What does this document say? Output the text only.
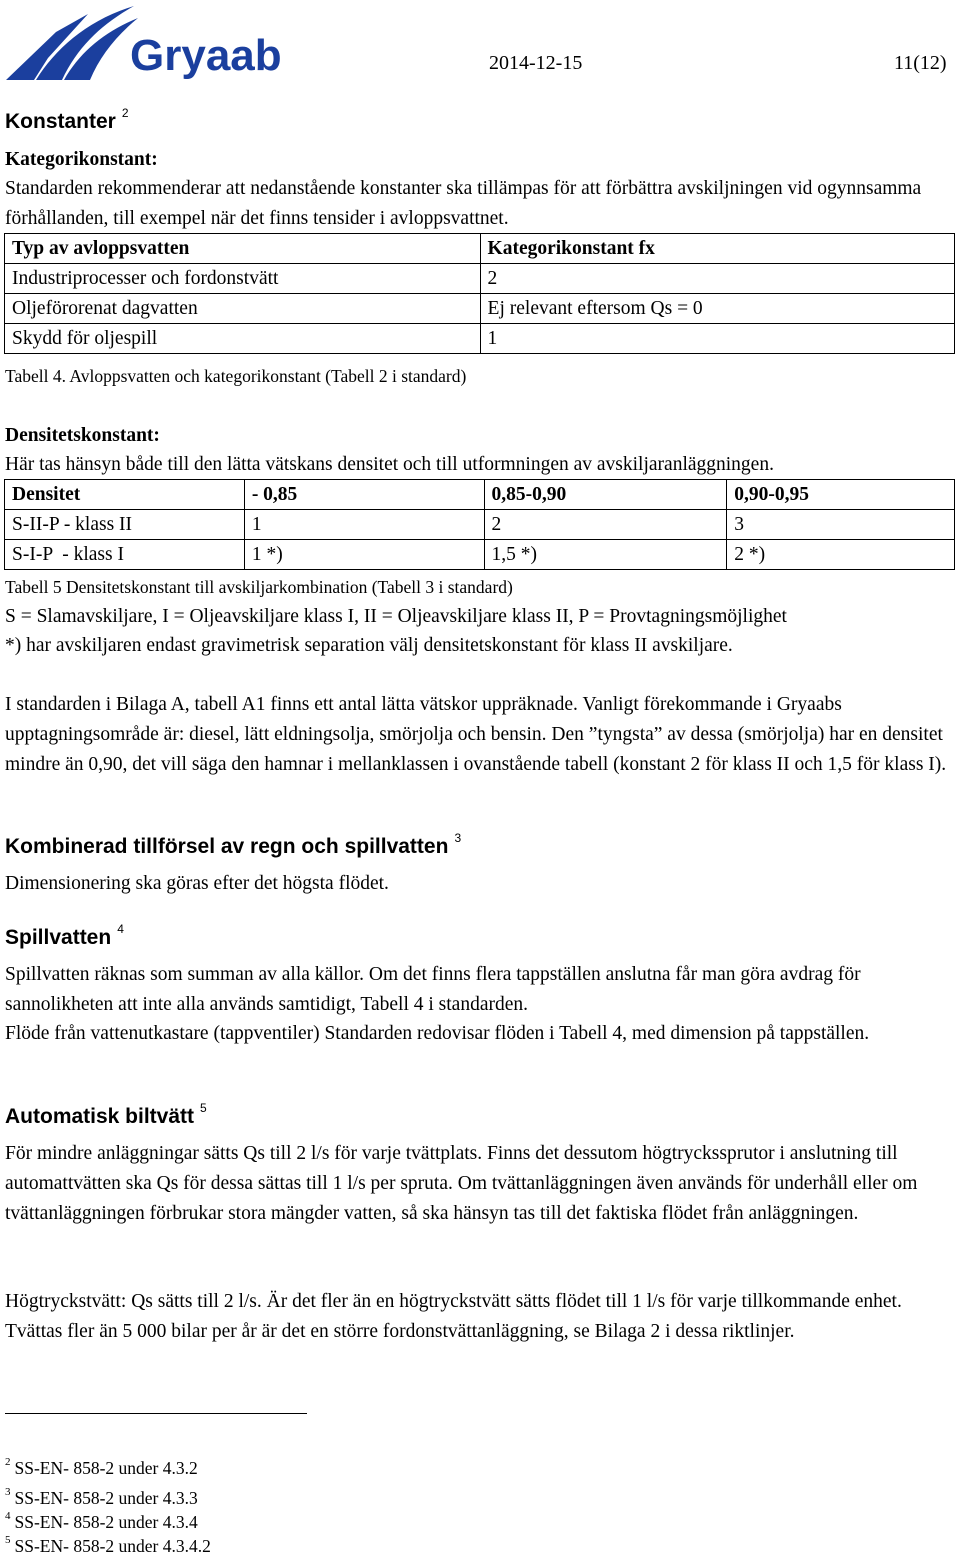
Gryaab	2014-12-15	11(12)
Konstanter $^2$

Kategorikonstant:

Standarden rekommenderar att nedanstående konstanter ska tillämpas för att förbättra avskiljningen vid ogynnsamma förhållanden, till exempel när det finns tensider i avloppsvattnet.

Typ av avloppsvatten	Kategorikonstant fx
Industriprocesser och fordonstvätt	2
Oljeförorenat dagvatten	Ej relevant eftersom Qs = 0
Skydd för oljespill	1
Tabell 4. Avloppsvatten och kategorikonstant (Tabell 2 i standard)

Densitetskonstant:

Här tas hänsyn både till den lätta vätskans densitet och till utformningen av avskiljaranläggningen.

Densitet	- 0,85	0,85-0,90	0,90-0,95
S-II-P - klass II	1	2	3
S-I-P  - klass I	1 *)	1,5 *)	2 *)
Tabell 5 Densitetskonstant till avskiljarkombination (Tabell 3 i standard)

S = Slamavskiljare, I = Oljeavskiljare klass I, II = Oljeavskiljare klass II, P = Provtagningsmöjlighet

*) har avskiljaren endast gravimetrisk separation välj densitetskonstant för klass II avskiljare.

I standarden i Bilaga A, tabell A1 finns ett antal lätta vätskor uppräknade. Vanligt förekommande i Gryaabs upptagningsområde är: diesel, lätt eldningsolja, smörjolja och bensin. Den ”tyngsta” av dessa (smörjolja) har en densitet mindre än 0,90, det vill säga den hamnar i mellanklassen i ovanstående tabell (konstant 2 för klass II och 1,5 för klass I).

Kombinerad tillförsel av regn och spillvatten $^3$

Dimensionering ska göras efter det högsta flödet.

Spillvatten $^4$

Spillvatten räknas som summan av alla källor. Om det finns flera tappställen anslutna får man göra avdrag för sannolikheten att inte alla används samtidigt, Tabell 4 i standarden.

Flöde från vattenutkastare (tappventiler) Standarden redovisar flöden i Tabell 4, med dimension på tappställen.

Automatisk biltvätt $^5$

För mindre anläggningar sätts Qs till 2 l/s för varje tvättplats. Finns det dessutom högtryckssprutor i anslutning till automattvätten ska Qs för dessa sättas till 1 l/s per spruta. Om tvättanläggningen även används för underhåll eller om tvättanläggningen förbrukar stora mängder vatten, så ska hänsyn tas till det faktiska flödet från anläggningen.

Högtryckstvätt: Qs sätts till 2 l/s. Är det fler än en högtryckstvätt sätts flödet till 1 l/s för varje tillkommande enhet. Tvättas fler än 5 000 bilar per år är det en större fordonstvättanläggning, se Bilaga 2 i dessa riktlinjer.

$^2$ SS-EN- 858-2 under 4.3.2
$^3$ SS-EN- 858-2 under 4.3.3
$^4$ SS-EN- 858-2 under 4.3.4
$^5$ SS-EN- 858-2 under 4.3.4.2
